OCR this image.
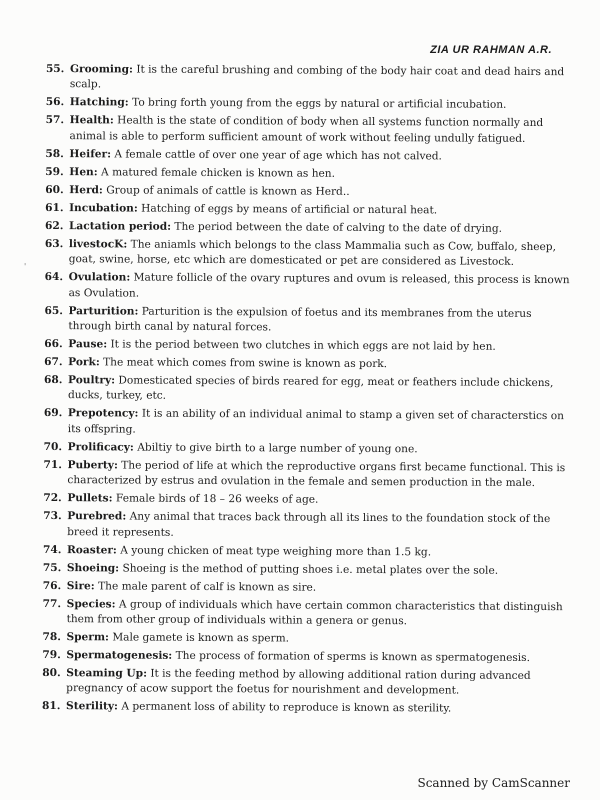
ZIA UR RAHMAN A.R.
'
55. Grooming: It is the careful brushing and combing of the body hair coat and dead hairs and scalp.
56. Hatching: To bring forth young from the eggs by natural or artificial incubation.
57. Health: Health is the state of condition of body when all systems function normally and animal is able to perform sufficient amount of work without feeling undully fatigued.
58. Heifer: A female cattle of over one year of age which has not calved.
59. Hen: A matured female chicken is known as hen.
60. Herd: Group of animals of cattle is known as Herd..
61. Incubation: Hatching of eggs by means of artificial or natural heat.
62. Lactation period: The period between the date of calving to the date of drying.
63. livestocK: The aniamls which belongs to the class Mammalia such as Cow, buffalo, sheep, goat, swine, horse, etc which are domesticated or pet are considered as Livestock.
64. Ovulation: Mature follicle of the ovary ruptures and ovum is released, this process is known as Ovulation.
65. Parturition: Parturition is the expulsion of foetus and its membranes from the uterus through birth canal by natural forces.
66. Pause: It is the period between two clutches in which eggs are not laid by hen.
67. Pork: The meat which comes from swine is known as pork.
68. Poultry: Domesticated species of birds reared for egg, meat or feathers include chickens, ducks, turkey, etc.
69. Prepotency: It is an ability of an individual animal to stamp a given set of characterstics on its offspring.
70. Prolificacy: Abiltiy to give birth to a large number of young one.
71. Puberty: The period of life at which the reproductive organs first became functional. This is characterized by estrus and ovulation in the female and semen production in the male.
72. Pullets: Female birds of 18 – 26 weeks of age.
73. Purebred: Any animal that traces back through all its lines to the foundation stock of the breed it represents.
74. Roaster: A young chicken of meat type weighing more than 1.5 kg.
75. Shoeing: Shoeing is the method of putting shoes i.e. metal plates over the sole.
76. Sire: The male parent of calf is known as sire.
77. Species: A group of individuals which have certain common characteristics that distinguish them from other group of individuals within a genera or genus.
78. Sperm: Male gamete is known as sperm.
79. Spermatogenesis: The process of formation of sperms is known as spermatogenesis.
80. Steaming Up: It is the feeding method by allowing additional ration during advanced pregnancy of acow support the foetus for nourishment and development.
81. Sterility: A permanent loss of ability to reproduce is known as sterility.
Scanned by CamScanner
